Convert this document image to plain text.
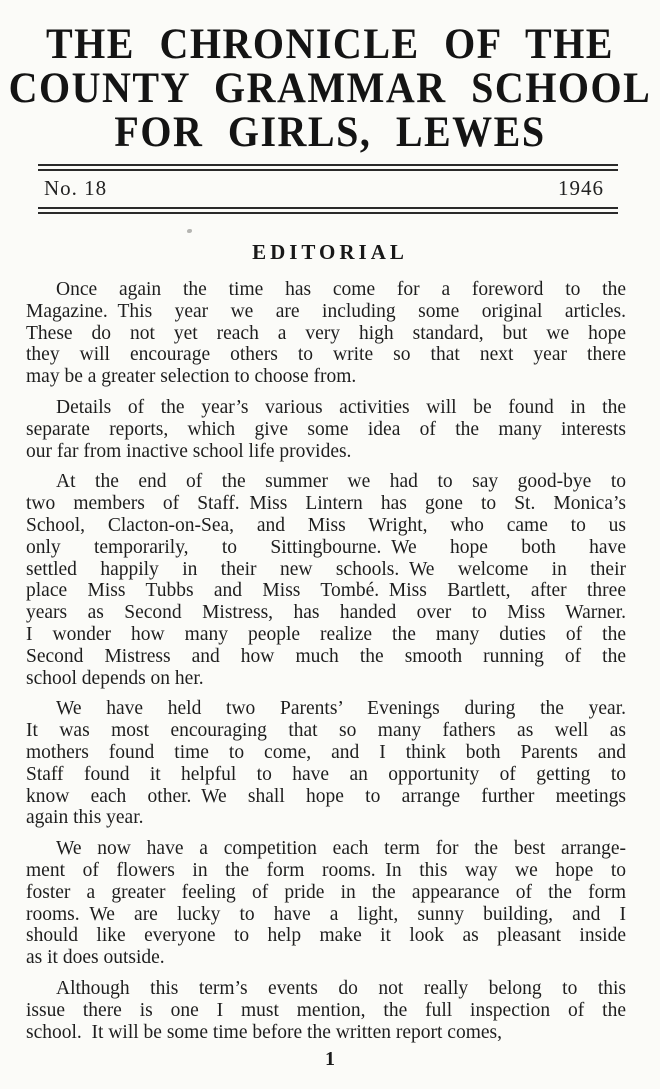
THE CHRONICLE OF THE
COUNTY GRAMMAR SCHOOL
FOR GIRLS, LEWES
No. 18	1946
EDITORIAL
Once again the time has come for a foreword to the
Magazine. This year we are including some original articles.
These do not yet reach a very high standard, but we hope
they will encourage others to write so that next year there
may be a greater selection to choose from.
Details of the year’s various activities will be found in the
separate reports, which give some idea of the many interests
our far from inactive school life provides.
At the end of the summer we had to say good-bye to
two members of Staff. Miss Lintern has gone to St. Monica’s
School, Clacton-on-Sea, and Miss Wright, who came to us
only temporarily, to Sittingbourne. We hope both have
settled happily in their new schools. We welcome in their
place Miss Tubbs and Miss Tombé. Miss Bartlett, after three
years as Second Mistress, has handed over to Miss Warner.
I wonder how many people realize the many duties of the
Second Mistress and how much the smooth running of the
school depends on her.
We have held two Parents’ Evenings during the year.
It was most encouraging that so many fathers as well as
mothers found time to come, and I think both Parents and
Staff found it helpful to have an opportunity of getting to
know each other. We shall hope to arrange further meetings
again this year.
We now have a competition each term for the best arrange-
ment of flowers in the form rooms. In this way we hope to
foster a greater feeling of pride in the appearance of the form
rooms. We are lucky to have a light, sunny building, and I
should like everyone to help make it look as pleasant inside
as it does outside.
Although this term’s events do not really belong to this
issue there is one I must mention, the full inspection of the
school. It will be some time before the written report comes,
1
